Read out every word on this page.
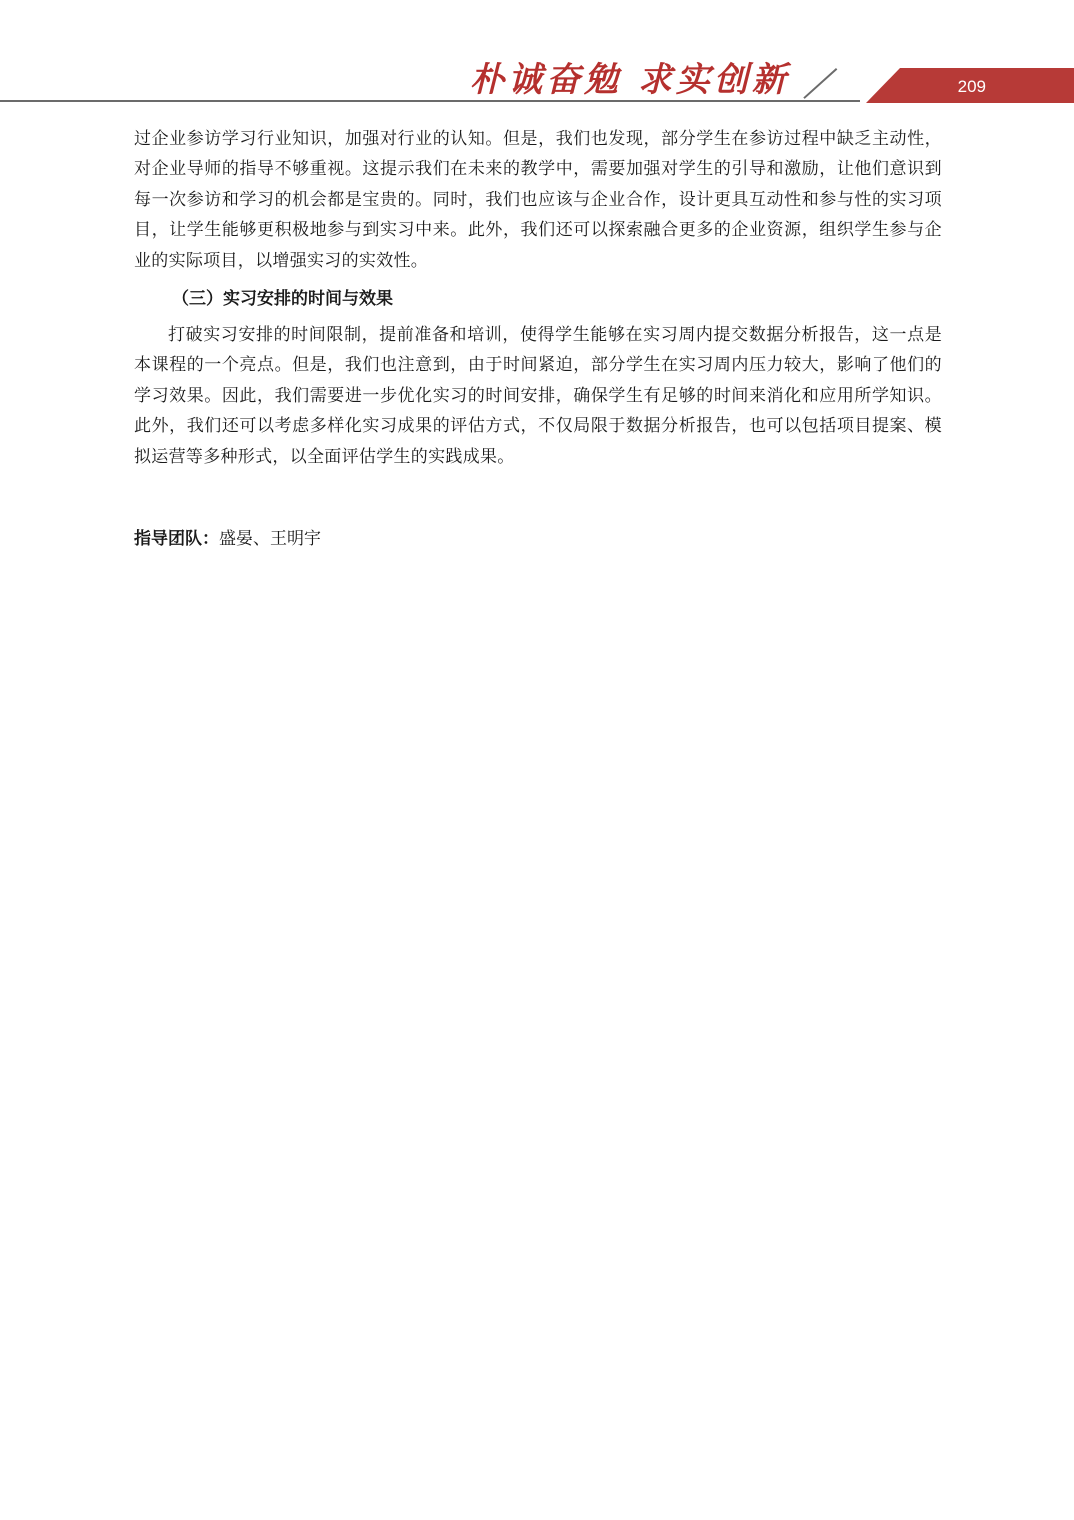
朴诚奋勉 求实创新	209

过企业参访学习行业知识，加强对行业的认知。但是，我们也发现，部分学生在参访过程中缺乏主动性，对企业导师的指导不够重视。这提示我们在未来的教学中，需要加强对学生的引导和激励，让他们意识到每一次参访和学习的机会都是宝贵的。同时，我们也应该与企业合作，设计更具互动性和参与性的实习项目，让学生能够更积极地参与到实习中来。此外，我们还可以探索融合更多的企业资源，组织学生参与企业的实际项目，以增强实习的实效性。

（三）实习安排的时间与效果

打破实习安排的时间限制，提前准备和培训，使得学生能够在实习周内提交数据分析报告，这一点是本课程的一个亮点。但是，我们也注意到，由于时间紧迫，部分学生在实习周内压力较大，影响了他们的学习效果。因此，我们需要进一步优化实习的时间安排，确保学生有足够的时间来消化和应用所学知识。此外，我们还可以考虑多样化实习成果的评估方式，不仅局限于数据分析报告，也可以包括项目提案、模拟运营等多种形式，以全面评估学生的实践成果。

指导团队：盛晏、王明宇
